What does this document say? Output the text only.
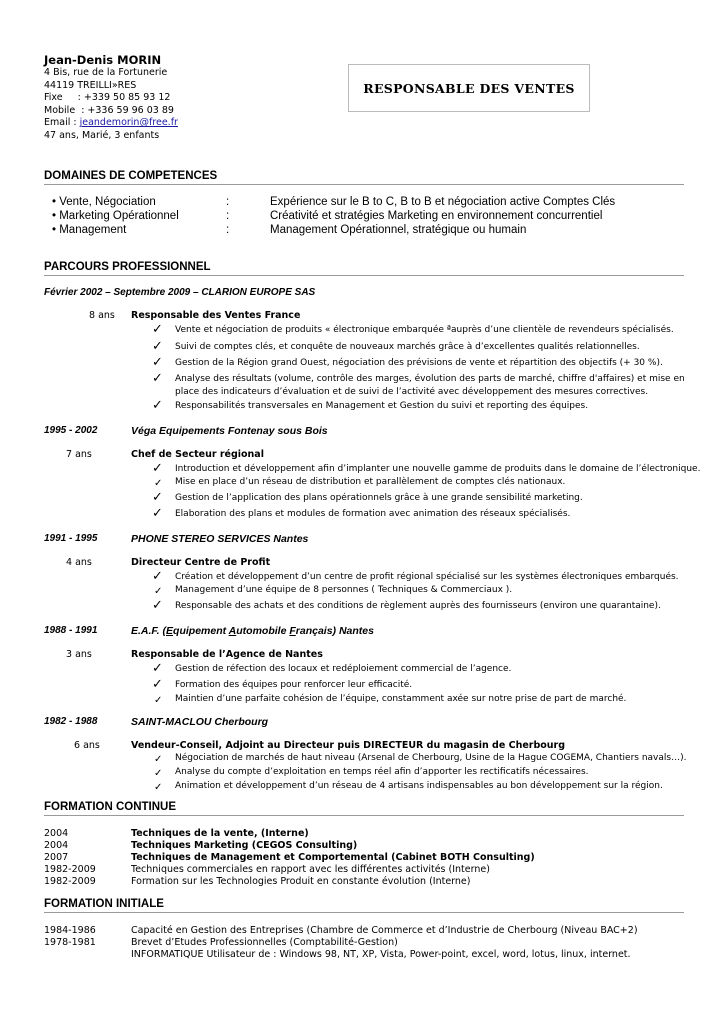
Jean-Denis MORIN
4 Bis, rue de la Fortunerie
44119 TREILLI»RES
Fixe     : +339 50 85 93 12
Mobile  : +336 59 96 03 89
Email : jeandemorin@free.fr
47 ans, Marié, 3 enfants
RESPONSABLE DES VENTES
DOMAINES DE COMPETENCES
• Vente, Négociation	:	Expérience sur le B to C, B to B et négociation active Comptes Clés
• Marketing Opérationnel	:	Créativité et stratégies Marketing en environnement concurrentiel
• Management	:	Management Opérationnel, stratégique ou humain
PARCOURS PROFESSIONNEL
Février 2002 – Septembre 2009 – CLARION EUROPE SAS
8 ans Responsable des Ventes France
✓ Vente et négociation de produits « électronique embarquée ªauprès d’une clientèle de revendeurs spécialisés.
✓ Suivi de comptes clés, et conquête de nouveaux marchés grâce à d’excellentes qualités relationnelles.
✓ Gestion de la Région grand Ouest, négociation des prévisions de vente et répartition des objectifs (+ 30 %).
✓ Analyse des résultats (volume, contrôle des marges, évolution des parts de marché, chiffre d'affaires) et mise en
place des indicateurs d’évaluation et de suivi de l’activité avec développement des mesures correctives.
✓ Responsabilités transversales en Management et Gestion du suivi et reporting des équipes.
1995 - 2002	Véga Equipements Fontenay sous Bois
7 ans	Chef de Secteur régional
✓ Introduction et développement afin d’implanter une nouvelle gamme de produits dans le domaine de l’électronique.
✓ Mise en place d’un réseau de distribution et parallèlement de comptes clés nationaux.
✓ Gestion de l’application des plans opérationnels grâce à une grande sensibilité marketing.
✓ Elaboration des plans et modules de formation avec animation des réseaux spécialisés.
1991 - 1995	PHONE STEREO SERVICES Nantes
4 ans	Directeur Centre de Profit
✓ Création et développement d’un centre de profit régional spécialisé sur les systèmes électroniques embarqués.
✓ Management d’une équipe de 8 personnes ( Techniques & Commerciaux ).
✓ Responsable des achats et des conditions de règlement auprès des fournisseurs (environ une quarantaine).
1988 - 1991	E.A.F. (Equipement Automobile Français) Nantes
3 ans	Responsable de l’Agence de Nantes
✓ Gestion de réfection des locaux et redéploiement commercial de l’agence.
✓ Formation des équipes pour renforcer leur efficacité.
✓ Maintien d’une parfaite cohésion de l’équipe, constamment axée sur notre prise de part de marché.
1982 - 1988	SAINT-MACLOU Cherbourg
6 ans	Vendeur-Conseil, Adjoint au Directeur puis DIRECTEUR du magasin de Cherbourg
✓ Négociation de marchés de haut niveau (Arsenal de Cherbourg, Usine de la Hague COGEMA, Chantiers navals…).
✓ Analyse du compte d’exploitation en temps réel afin d’apporter les rectificatifs nécessaires.
✓ Animation et développement d’un réseau de 4 artisans indispensables au bon développement sur la région.
FORMATION CONTINUE
2004	Techniques de la vente, (Interne)
2004	Techniques Marketing (CEGOS Consulting)
2007	Techniques de Management et Comportemental (Cabinet BOTH Consulting)
1982-2009	Techniques commerciales en rapport avec les différentes activités (Interne)
1982-2009	Formation sur les Technologies Produit en constante évolution (Interne)
FORMATION INITIALE
1984-1986	Capacité en Gestion des Entreprises (Chambre de Commerce et d’Industrie de Cherbourg (Niveau BAC+2)
1978-1981	Brevet d’Etudes Professionnelles (Comptabilité-Gestion)
INFORMATIQUE Utilisateur de : Windows 98, NT, XP, Vista, Power-point, excel, word, lotus, linux, internet.
